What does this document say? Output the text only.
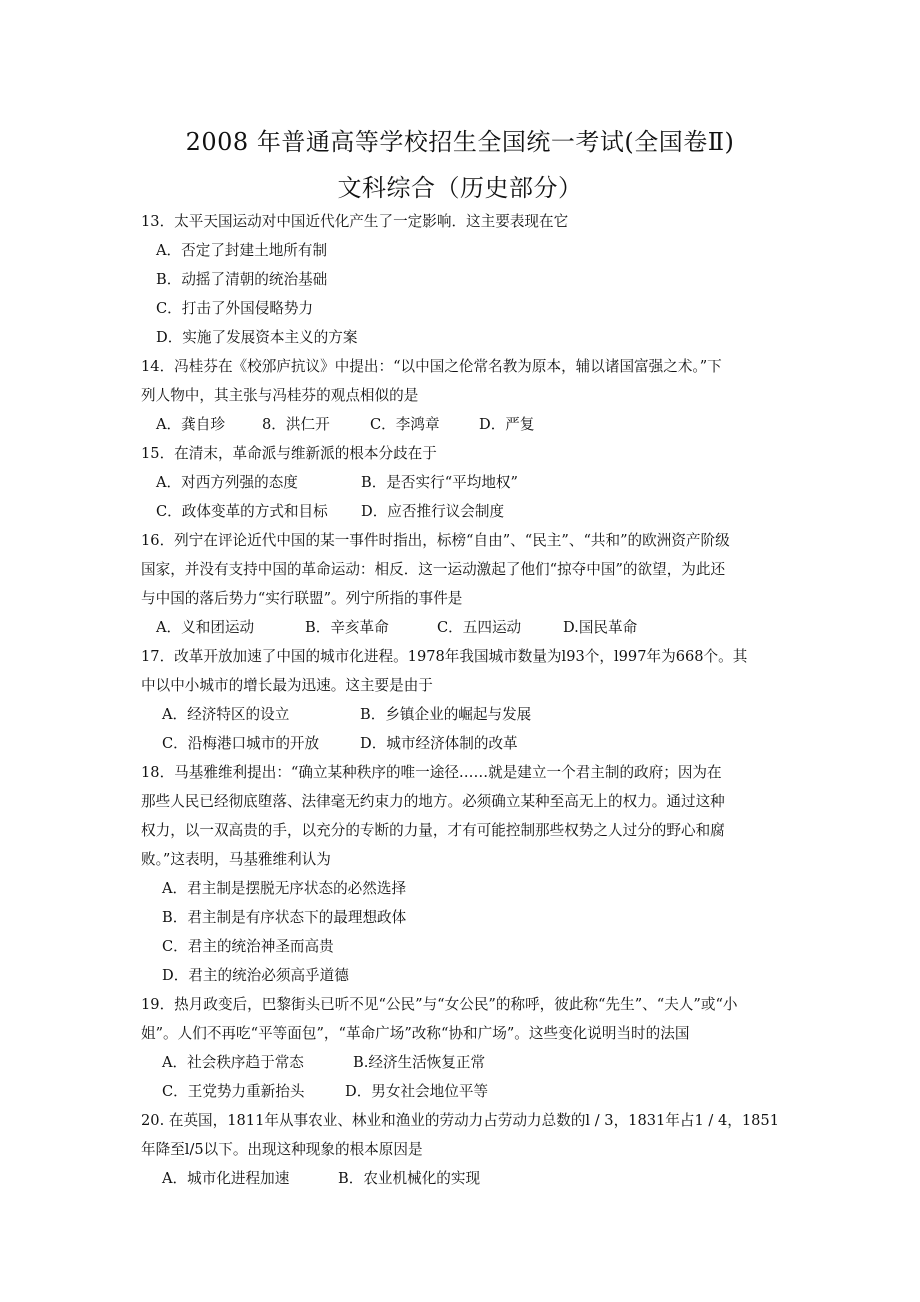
2008 年普通高等学校招生全国统一考试(全国卷Ⅱ)
文科综合（历史部分）
13．太平天国运动对中国近代化产生了一定影响．这主要表现在它
A．否定了封建土地所有制
B．动摇了清朝的统治基础
C．打击了外国侵略势力
D．实施了发展资本主义的方案
14．冯桂芬在《校邠庐抗议》中提出：“以中国之伦常名教为原本，辅以诸国富强之术。”下
列人物中，其主张与冯桂芬的观点相似的是
A．龚自珍	8．洪仁开	C．李鸿章	D．严复
15．在清末，革命派与维新派的根本分歧在于
A．对西方列强的态度	B．是否实行“平均地权”
C．政体变革的方式和目标 D．应否推行议会制度
16．列宁在评论近代中国的某一事件时指出，标榜“自由”、“民主”、“共和”的欧洲资产阶级
国家，并没有支持中国的革命运动：相反．这一运动激起了他们“掠夺中国”的欲望，为此还
与中国的落后势力“实行联盟”。列宁所指的事件是
A．义和团运动	B．辛亥革命	C．五四运动	D.国民革命
17．改革开放加速了中国的城市化进程。1978年我国城市数量为l93个，l997年为668个。其
中以中小城市的增长最为迅速。这主要是由于
A．经济特区的设立	B．乡镇企业的崛起与发展
C．沿梅港口城市的开放	D．城市经济体制的改革
18．马基雅维利提出：“确立某种秩序的唯一途径……就是建立一个君主制的政府；因为在
那些人民已经彻底堕落、法律毫无约束力的地方。必须确立某种至高无上的权力。通过这种
权力，以一双高贵的手，以充分的专断的力量，才有可能控制那些权势之人过分的野心和腐
败。”这表明，马基雅维利认为
A．君主制是摆脱无序状态的必然选择
B．君主制是有序状态下的最理想政体
C．君主的统治神圣而高贵
D．君主的统治必须高乎道德
19．热月政变后，巴黎街头已听不见“公民”与“女公民”的称呼，彼此称“先生”、“夫人”或“小
姐”。人们不再吃“平等面包”，“革命广场”改称“协和广场”。这些变化说明当时的法国
A．社会秩序趋于常态	B.经济生活恢复正常
C．王党势力重新抬头	D．男女社会地位平等
20. 在英国，1811年从事农业、林业和渔业的劳动力占劳动力总数的l / 3，1831年占1 / 4，1851
年降至l/5以下。出现这种现象的根本原因是
A．城市化进程加速	B．农业机械化的实现
